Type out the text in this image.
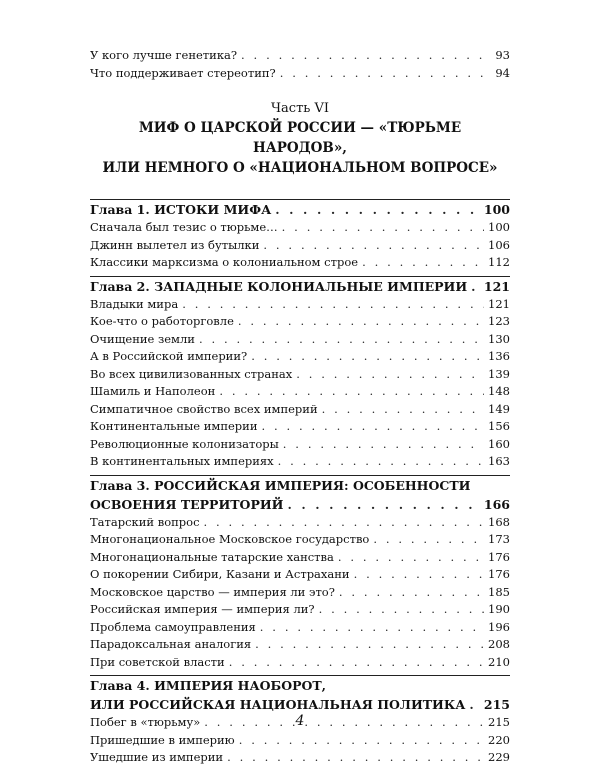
У кого лучше генетика? . . .	93
Что поддерживает стереотип? . . .	94
Часть VI
МИФ О ЦАРСКОЙ РОССИИ — «ТЮРЬМЕ НАРОДОВ»,
ИЛИ НЕМНОГО О «НАЦИОНАЛЬНОМ ВОПРОСЕ»
Глава 1. ИСТОКИ МИФА . . .	100
Сначала был тезис о тюрьме… . . .	100
Джинн вылетел из бутылки . . .	106
Классики марксизма о колониальном строе . . .	112
Глава 2. ЗАПАДНЫЕ КОЛОНИАЛЬНЫЕ ИМПЕРИИ . . . 121
Владыки мира . . .	121
Кое-что о работорговле . . .	123
Очищение земли . . .	130
А в Российской империи? . . .	136
Во всех цивилизованных странах . . .	139
Шамиль и Наполеон . . .	148
Симпатичное свойство всех империй . . .	149
Континентальные империи . . .	156
Революционные колонизаторы . . .	160
В континентальных империях . . .	163
Глава 3. РОССИЙСКАЯ ИМПЕРИЯ: ОСОБЕННОСТИ
ОСВОЕНИЯ ТЕРРИТОРИЙ . . .	166
Татарский вопрос . . .	168
Многонациональное Московское государство . . .	173
Многонациональные татарские ханства . . .	176
О покорении Сибири, Казани и Астрахани . . .	176
Московское царство — империя ли это? . . .	185
Российская империя — империя ли? . . .	190
Проблема самоуправления . . .	196
Парадоксальная аналогия . . .	208
При советской власти . . .	210
Глава 4. ИМПЕРИЯ НАОБОРОТ,
ИЛИ РОССИЙСКАЯ НАЦИОНАЛЬНАЯ ПОЛИТИКА . . . 215
Побег в «тюрьму» . . .	215
Пришедшие в империю . . .	220
Ушедшие из империи . . .	229
4
